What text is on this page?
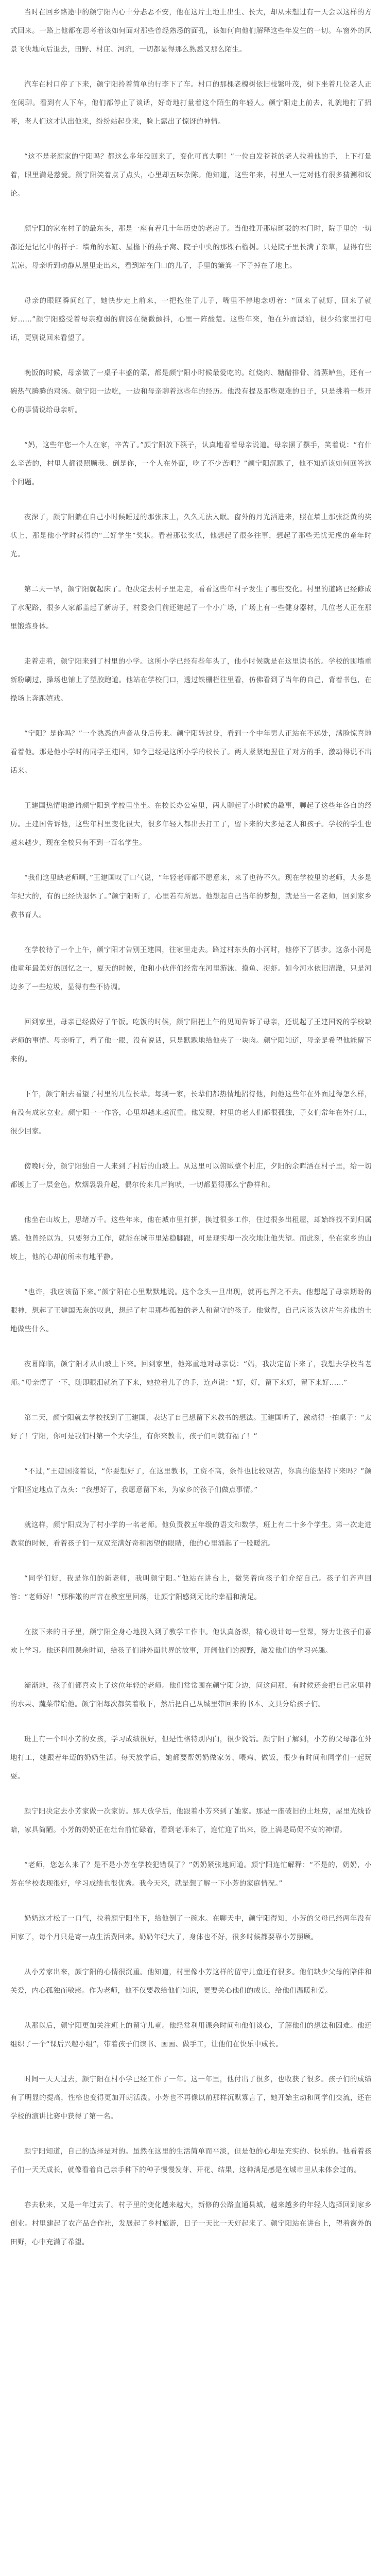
当时在回乡路途中的颜宁阳内心十分忐忑不安，他在这片土地上出生、长大，却从未想过有一天会以这样的方式回来。一路上他都在思考着该如何面对那些曾经熟悉的面孔，该如何向他们解释这些年发生的一切。车窗外的风景飞快地向后退去，田野、村庄、河流，一切都显得那么熟悉又那么陌生。

汽车在村口停了下来，颜宁阳拎着简单的行李下了车。村口的那棵老槐树依旧枝繁叶茂，树下坐着几位老人正在闲聊。看到有人下车，他们都停止了谈话，好奇地打量着这个陌生的年轻人。颜宁阳走上前去，礼貌地打了招呼，老人们这才认出他来，纷纷站起身来，脸上露出了惊讶的神情。

“这不是老颜家的宁阳吗？都这么多年没回来了，变化可真大啊！”一位白发苍苍的老人拉着他的手，上下打量着，眼里满是慈爱。颜宁阳笑着点了点头，心里却五味杂陈。他知道，这些年来，村里人一定对他有很多猜测和议论。

颜宁阳的家在村子的最东头，那是一座有着几十年历史的老房子。当他推开那扇斑驳的木门时，院子里的一切都还是记忆中的样子：墙角的水缸、屋檐下的燕子窝、院子中央的那棵石榴树。只是院子里长满了杂草，显得有些荒凉。母亲听到动静从屋里走出来，看到站在门口的儿子，手里的簸箕一下子掉在了地上。

母亲的眼眶瞬间红了，她快步走上前来，一把抱住了儿子，嘴里不停地念叨着：“回来了就好，回来了就好……”颜宁阳感受着母亲瘦弱的肩膀在微微颤抖，心里一阵酸楚。这些年来，他在外面漂泊，很少给家里打电话，更别说回来看望了。

晚饭的时候，母亲做了一桌子丰盛的菜，都是颜宁阳小时候最爱吃的。红烧肉、糖醋排骨、清蒸鲈鱼，还有一碗热气腾腾的鸡汤。颜宁阳一边吃，一边和母亲聊着这些年的经历。他没有提及那些艰难的日子，只是挑着一些开心的事情说给母亲听。

“妈，这些年您一个人在家，辛苦了。”颜宁阳放下筷子，认真地看着母亲说道。母亲摆了摆手，笑着说：“有什么辛苦的，村里人都很照顾我。倒是你，一个人在外面，吃了不少苦吧？”颜宁阳沉默了，他不知道该如何回答这个问题。

夜深了，颜宁阳躺在自己小时候睡过的那张床上，久久无法入眠。窗外的月光洒进来，照在墙上那张泛黄的奖状上，那是他小学时获得的“三好学生”奖状。看着那张奖状，他想起了很多往事，想起了那些无忧无虑的童年时光。

第二天一早，颜宁阳就起床了。他决定去村子里走走，看看这些年村子发生了哪些变化。村里的道路已经修成了水泥路，很多人家都盖起了新房子，村委会门前还建起了一个小广场，广场上有一些健身器材，几位老人正在那里锻炼身体。

走着走着，颜宁阳来到了村里的小学。这所小学已经有些年头了，他小时候就是在这里读书的。学校的围墙重新粉刷过，操场也铺上了塑胶跑道。他站在学校门口，透过铁栅栏往里看，仿佛看到了当年的自己，背着书包，在操场上奔跑嬉戏。

“宁阳？是你吗？”一个熟悉的声音从身后传来。颜宁阳转过身，看到一个中年男人正站在不远处，满脸惊喜地看着他。那是他小学时的同学王建国，如今已经是这所小学的校长了。两人紧紧地握住了对方的手，激动得说不出话来。

王建国热情地邀请颜宁阳到学校里坐坐。在校长办公室里，两人聊起了小时候的趣事，聊起了这些年各自的经历。王建国告诉他，这些年村里变化很大，很多年轻人都出去打工了，留下来的大多是老人和孩子。学校的学生也越来越少，现在全校只有不到一百名学生。

“我们这里缺老师啊，”王建国叹了口气说，“年轻老师都不愿意来，来了也待不久。现在学校里的老师，大多是年纪大的，有的已经快退休了。”颜宁阳听了，心里若有所思。他想起自己当年的梦想，就是当一名老师，回到家乡教书育人。

在学校待了一个上午，颜宁阳才告别王建国，往家里走去。路过村东头的小河时，他停下了脚步。这条小河是他童年最美好的回忆之一，夏天的时候，他和小伙伴们经常在河里游泳、摸鱼、捉虾。如今河水依旧清澈，只是河边多了一些垃圾，显得有些不协调。

回到家里，母亲已经做好了午饭。吃饭的时候，颜宁阳把上午的见闻告诉了母亲，还说起了王建国说的学校缺老师的事情。母亲听了，看了他一眼，没有说话，只是默默地给他夹了一块肉。颜宁阳知道，母亲是希望他能留下来的。

下午，颜宁阳去看望了村里的几位长辈。每到一家，长辈们都热情地招待他，问他这些年在外面过得怎么样，有没有成家立业。颜宁阳一一作答，心里却越来越沉重。他发现，村里的老人们都很孤独，子女们常年在外打工，很少回家。

傍晚时分，颜宁阳独自一人来到了村后的山坡上。从这里可以俯瞰整个村庄，夕阳的余晖洒在村子里，给一切都镀上了一层金色。炊烟袅袅升起，偶尔传来几声狗吠，一切都显得那么宁静祥和。

他坐在山坡上，思绪万千。这些年来，他在城市里打拼，换过很多工作，住过很多出租屋，却始终找不到归属感。他曾经以为，只要努力工作，就能在城市里站稳脚跟，可是现实却一次次地让他失望。而此刻，坐在家乡的山坡上，他的心却前所未有地平静。

“也许，我应该留下来。”颜宁阳在心里默默地说。这个念头一旦出现，就再也挥之不去。他想起了母亲期盼的眼神，想起了王建国无奈的叹息，想起了村里那些孤独的老人和留守的孩子。他觉得，自己应该为这片生养他的土地做些什么。

夜幕降临，颜宁阳才从山坡上下来。回到家里，他郑重地对母亲说：“妈，我决定留下来了，我想去学校当老师。”母亲愣了一下，随即眼泪就流了下来，她拉着儿子的手，连声说：“好，好，留下来好，留下来好……”

第二天，颜宁阳就去学校找到了王建国，表达了自己想留下来教书的想法。王建国听了，激动得一拍桌子：“太好了！宁阳，你可是我们村第一个大学生，有你来教书，孩子们可就有福了！”

“不过，”王建国接着说，“你要想好了，在这里教书，工资不高，条件也比较艰苦，你真的能坚持下来吗？”颜宁阳坚定地点了点头：“我想好了，我愿意留下来，为家乡的孩子们做点事情。”

就这样，颜宁阳成为了村小学的一名老师。他负责教五年级的语文和数学，班上有二十多个学生。第一次走进教室的时候，看着孩子们一双双充满好奇和渴望的眼睛，他的心里涌起了一股暖流。

“同学们好，我是你们的新老师，我叫颜宁阳。”他站在讲台上，微笑着向孩子们介绍自己。孩子们齐声回答：“老师好！”那稚嫩的声音在教室里回荡，让颜宁阳感到无比的幸福和满足。

在接下来的日子里，颜宁阳全身心地投入到了教学工作中。他认真备课，精心设计每一堂课，努力让孩子们喜欢上学习。他还利用课余时间，给孩子们讲外面世界的故事，开阔他们的视野，激发他们的学习兴趣。

渐渐地，孩子们都喜欢上了这位年轻的老师。他们常常围在颜宁阳身边，问这问那，有时候还会把自己家里种的水果、蔬菜带给他。颜宁阳每次都笑着收下，然后把自己从城里带回来的书本、文具分给孩子们。

班上有一个叫小芳的女孩，学习成绩很好，但是性格特别内向，很少说话。颜宁阳了解到，小芳的父母都在外地打工，她跟着年迈的奶奶生活。每天放学后，她都要帮奶奶做家务、喂鸡、做饭，很少有时间和同学们一起玩耍。

颜宁阳决定去小芳家做一次家访。那天放学后，他跟着小芳来到了她家。那是一座破旧的土坯房，屋里光线昏暗，家具简陋。小芳的奶奶正在灶台前忙碌着，看到老师来了，连忙迎了出来，脸上满是局促不安的神情。

“老师，您怎么来了？是不是小芳在学校犯错误了？”奶奶紧张地问道。颜宁阳连忙解释：“不是的，奶奶，小芳在学校表现很好，学习成绩也很优秀。我今天来，就是想了解一下小芳的家庭情况。”

奶奶这才松了一口气，拉着颜宁阳坐下，给他倒了一碗水。在聊天中，颜宁阳得知，小芳的父母已经两年没有回家了，每个月只是寄一点生活费回来。奶奶年纪大了，身体也不好，很多时候都要靠小芳照顾。

从小芳家出来，颜宁阳的心情很沉重。他知道，村里像小芳这样的留守儿童还有很多。他们缺少父母的陪伴和关爱，内心孤独而敏感。作为老师，他不仅要教给他们知识，更要关心他们的成长，给他们温暖和爱。

从那以后，颜宁阳更加关注班上的留守儿童。他经常利用课余时间和他们谈心，了解他们的想法和困难。他还组织了一个“课后兴趣小组”，带着孩子们读书、画画、做手工，让他们在快乐中成长。

时间一天天过去，颜宁阳在村小学已经工作了一年。这一年里，他付出了很多，也收获了很多。孩子们的成绩有了明显的提高，性格也变得更加开朗活泼。小芳也不再像以前那样沉默寡言了，她开始主动和同学们交流，还在学校的演讲比赛中获得了第一名。

颜宁阳知道，自己的选择是对的。虽然在这里的生活简单而平淡，但是他的心却是充实的、快乐的。他看着孩子们一天天成长，就像看着自己亲手种下的种子慢慢发芽、开花、结果，这种满足感是在城市里从未体会过的。

春去秋来，又是一年过去了。村子里的变化越来越大，新修的公路直通县城，越来越多的年轻人选择回到家乡创业。村里建起了农产品合作社，发展起了乡村旅游，日子一天比一天好起来了。颜宁阳站在讲台上，望着窗外的田野，心中充满了希望。
